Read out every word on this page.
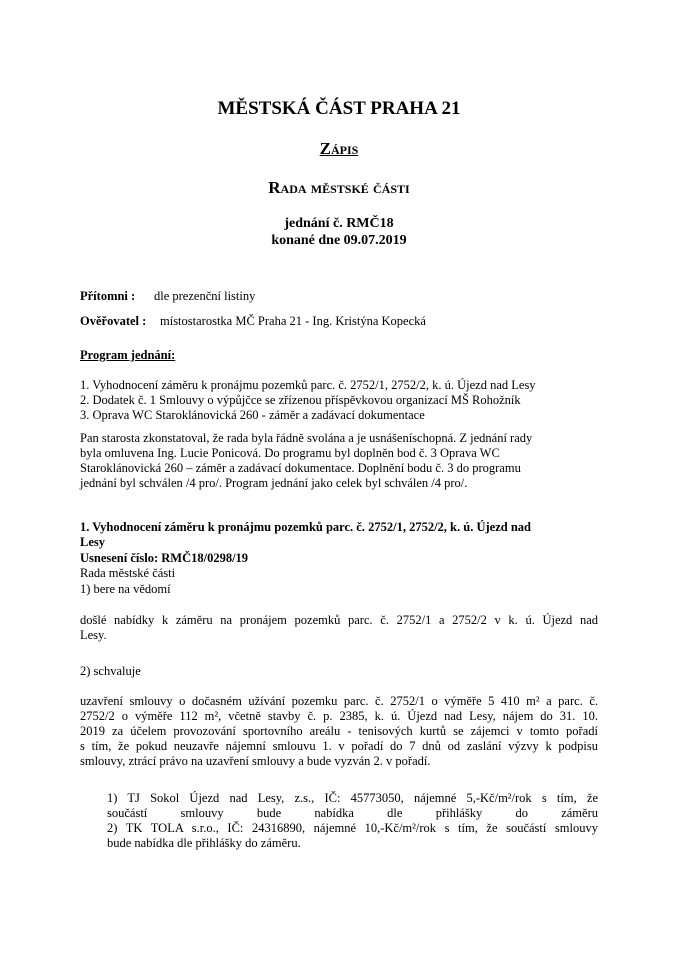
MĚSTSKÁ ČÁST PRAHA 21
Zápis
Rada městské části
jednání č. RMČ18
konané dne 09.07.2019
Přítomni : dle prezenční listiny
Ověřovatel : místostarostka MČ Praha 21 - Ing. Kristýna Kopecká
Program jednání:
1. Vyhodnocení záměru k pronájmu pozemků parc. č. 2752/1, 2752/2, k. ú. Újezd nad Lesy
2. Dodatek č. 1 Smlouvy o výpůjčce se zřízenou příspěvkovou organizací MŠ Rohožník
3. Oprava WC Staroklánovická 260 - záměr a zadávací dokumentace
Pan starosta zkonstatoval, že rada byla řádně svolána a je usnášeníschopná. Z jednání rady
byla omluvena Ing. Lucie Ponicová. Do programu byl doplněn bod č. 3 Oprava WC
Staroklánovická 260 – záměr a zadávací dokumentace. Doplnění bodu č. 3 do programu
jednání byl schválen /4 pro/. Program jednání jako celek byl schválen /4 pro/.
1. Vyhodnocení záměru k pronájmu pozemků parc. č. 2752/1, 2752/2, k. ú. Újezd nad
Lesy
Usnesení číslo: RMČ18/0298/19
Rada městské části
1) bere na vědomí
došlé nabídky k záměru na pronájem pozemků parc. č. 2752/1 a 2752/2 v k. ú. Újezd nad
Lesy.
2) schvaluje
uzavření smlouvy o dočasném užívání pozemku parc. č. 2752/1 o výměře 5 410 m² a parc. č.
2752/2 o výměře 112 m², včetně stavby č. p. 2385, k. ú. Újezd nad Lesy, nájem do 31. 10.
2019 za účelem provozování sportovního areálu - tenisových kurtů se zájemci v tomto pořadí
s tím, že pokud neuzavře nájemní smlouvu 1. v pořadí do 7 dnů od zaslání výzvy k podpisu
smlouvy, ztrácí právo na uzavření smlouvy a bude vyzván 2. v pořadí.
1) TJ Sokol Újezd nad Lesy, z.s., IČ: 45773050, nájemné 5,-Kč/m²/rok s tím, že
součástí smlouvy bude nabídka dle přihlášky do záměru
2) TK TOLA s.r.o., IČ: 24316890, nájemné 10,-Kč/m²/rok s tím, že součástí smlouvy
bude nabídka dle přihlášky do záměru.
